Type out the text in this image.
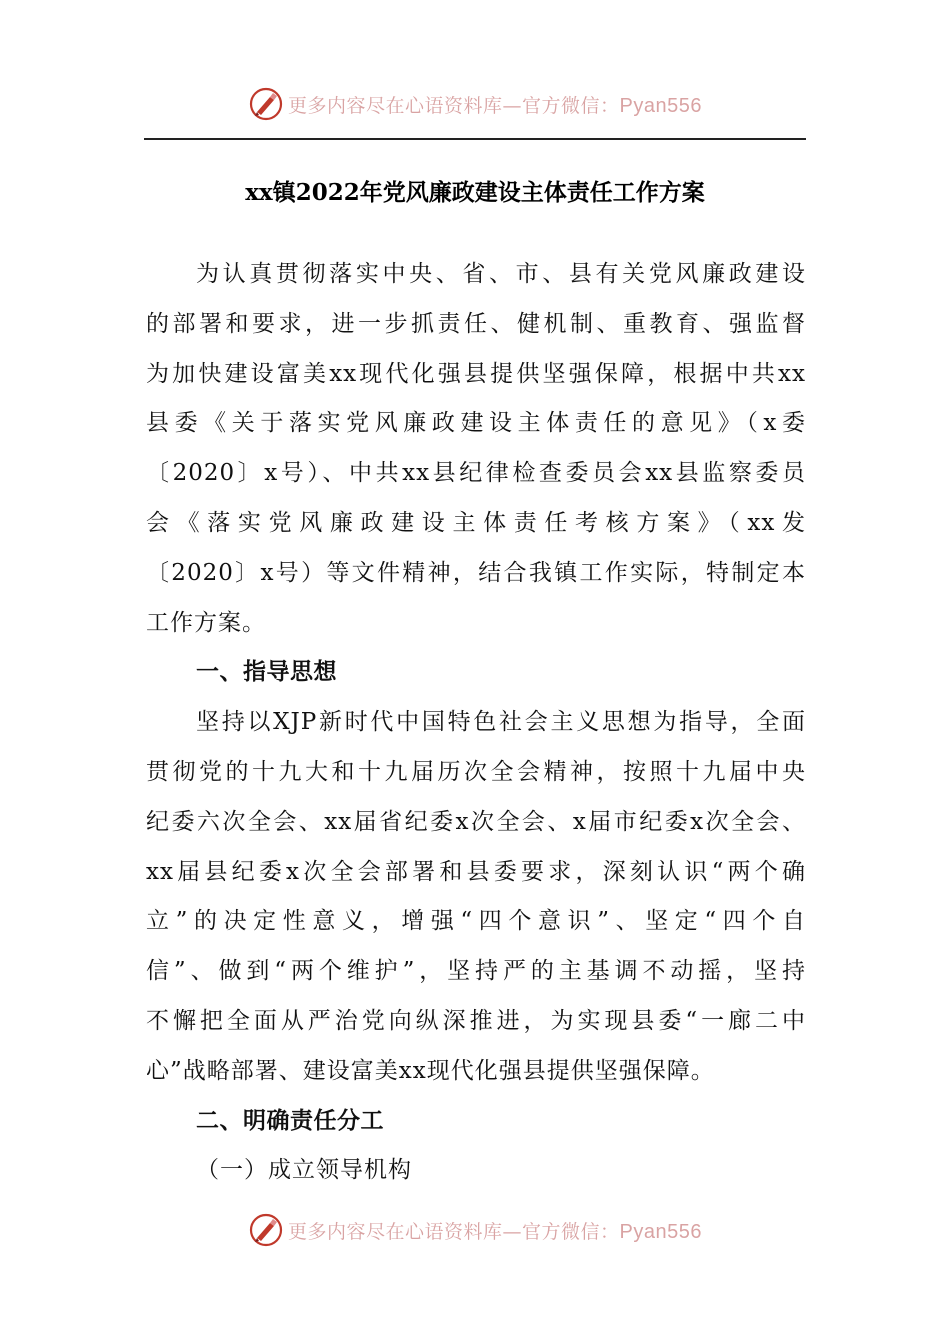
更多内容尽在心语资料库—官方微信：Pyan556
xx镇2022年党风廉政建设主体责任工作方案
为认真贯彻落实中央、省、市、县有关党风廉政建设
的部署和要求，进一步抓责任、健机制、重教育、强监督
为加快建设富美xx现代化强县提供坚强保障，根据中共xx
县委《关于落实党风廉政建设主体责任的意见》（x委
〔2020〕x号）、中共xx县纪律检查委员会xx县监察委员
会《落实党风廉政建设主体责任考核方案》（xx发
〔2020〕x号）等文件精神，结合我镇工作实际，特制定本
工作方案。
一、指导思想
坚持以XJP新时代中国特色社会主义思想为指导，全面
贯彻党的十九大和十九届历次全会精神，按照十九届中央
纪委六次全会、xx届省纪委x次全会、x届市纪委x次全会、
xx届县纪委x次全会部署和县委要求，深刻认识“两个确
立”的决定性意义，增强“四个意识”、坚定“四个自
信”、做到“两个维护”，坚持严的主基调不动摇，坚持
不懈把全面从严治党向纵深推进，为实现县委“一廊二中
心”战略部署、建设富美xx现代化强县提供坚强保障。
二、明确责任分工
（一）成立领导机构
更多内容尽在心语资料库—官方微信：Pyan556
